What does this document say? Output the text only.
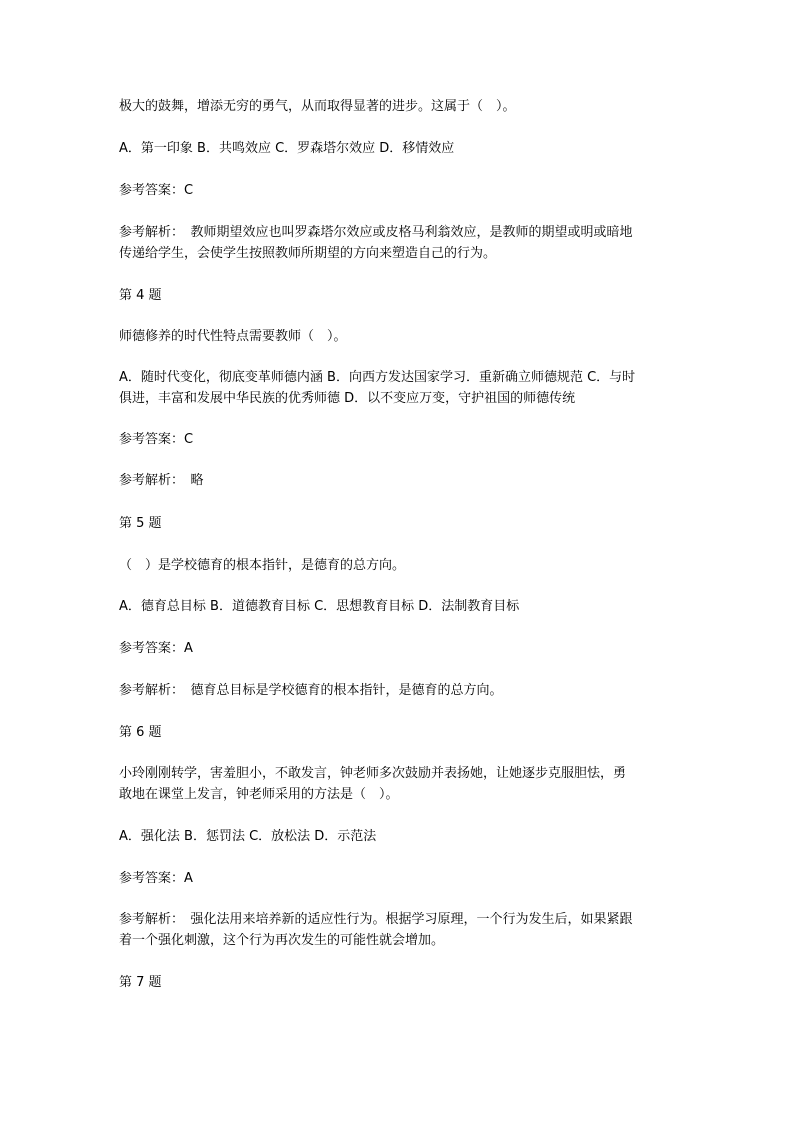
极大的鼓舞，增添无穷的勇气，从而取得显著的进步。这属于（　）。
A．第一印象 B．共鸣效应 C．罗森塔尔效应 D．移情效应
参考答案：C
参考解析：　教师期望效应也叫罗森塔尔效应或皮格马利翁效应，是教师的期望或明或暗地
传递给学生，会使学生按照教师所期望的方向来塑造自己的行为。
第 4 题
师德修养的时代性特点需要教师（　）。
A．随时代变化，彻底变革师德内涵 B．向西方发达国家学习．重新确立师德规范 C．与时
俱进，丰富和发展中华民族的优秀师德 D．以不变应万变，守护祖国的师德传统
参考答案：C
参考解析：　略
第 5 题
（　）是学校德育的根本指针，是德育的总方向。
A．德育总目标 B．道德教育目标 C．思想教育目标 D．法制教育目标
参考答案：A
参考解析：　德育总目标是学校德育的根本指针，是德育的总方向。
第 6 题
小玲刚刚转学，害羞胆小，不敢发言，钟老师多次鼓励并表扬她，让她逐步克服胆怯，勇
敢地在课堂上发言，钟老师采用的方法是（　）。
A．强化法 B．惩罚法 C．放松法 D．示范法
参考答案：A
参考解析：　强化法用来培养新的适应性行为。根据学习原理，一个行为发生后，如果紧跟
着一个强化刺激，这个行为再次发生的可能性就会增加。
第 7 题
